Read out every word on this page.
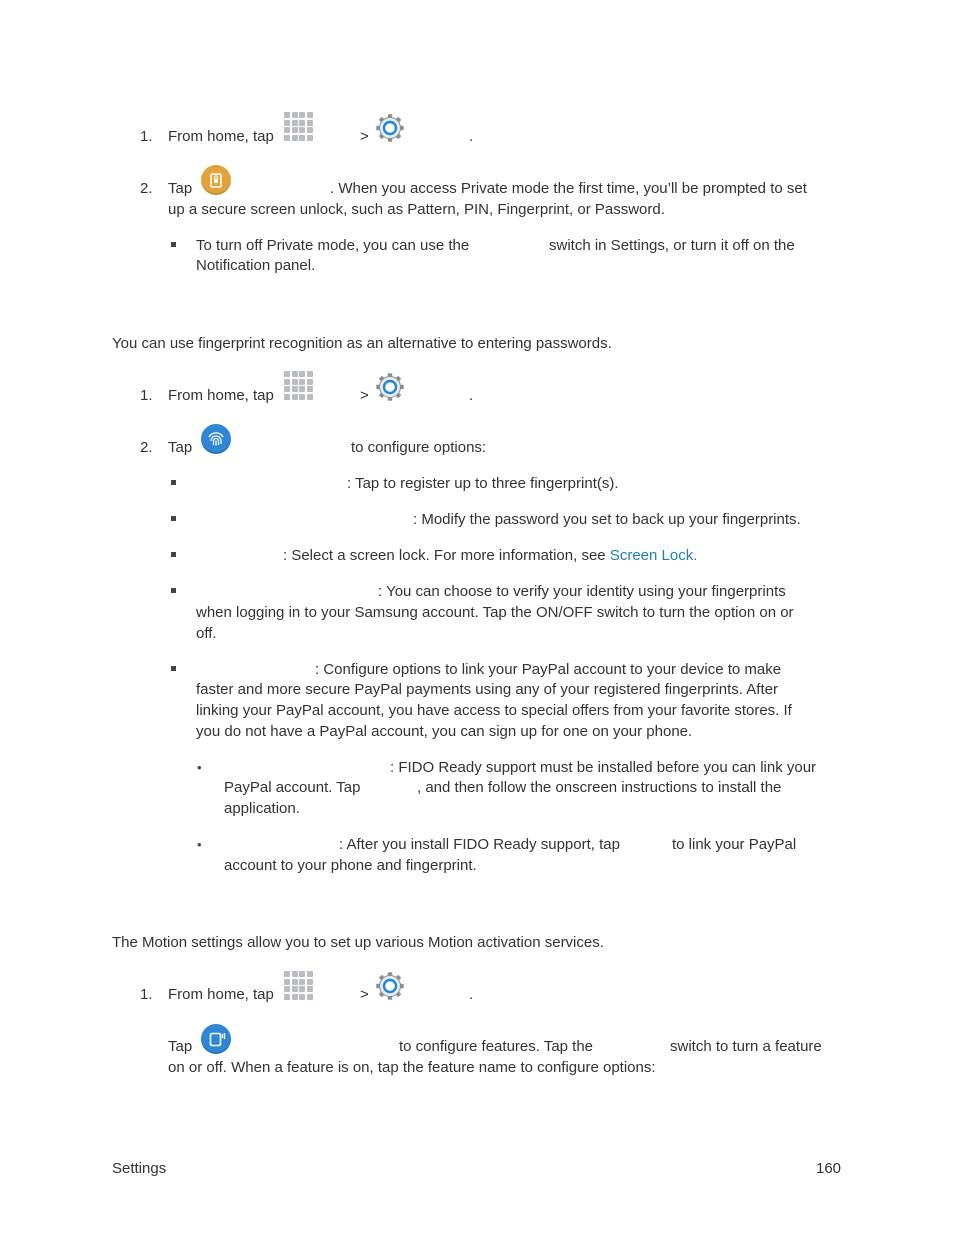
1. From home, tap	>	.
2. Tap	. When you access Private mode the first time, you’ll be prompted to set
up a secure screen unlock, such as Pattern, PIN, Fingerprint, or Password.
To turn off Private mode, you can use the	switch in Settings, or turn it off on the
Notification panel.
You can use fingerprint recognition as an alternative to entering passwords.
1. From home, tap	>	.
2. Tap	to configure options:
: Tap to register up to three fingerprint(s).
: Modify the password you set to back up your fingerprints.
: Select a screen lock. For more information, see Screen Lock.
: You can choose to verify your identity using your fingerprints
when logging in to your Samsung account. Tap the ON/OFF switch to turn the option on or
off.
: Configure options to link your PayPal account to your device to make
faster and more secure PayPal payments using any of your registered fingerprints. After
linking your PayPal account, you have access to special offers from your favorite stores. If
you do not have a PayPal account, you can sign up for one on your phone.
•	: FIDO Ready support must be installed before you can link your
PayPal account. Tap	, and then follow the onscreen instructions to install the
application.
•	: After you install FIDO Ready support, tap	to link your PayPal
account to your phone and fingerprint.
The Motion settings allow you to set up various Motion activation services.
1. From home, tap	>	.
Tap	to configure features. Tap the	switch to turn a feature
on or off. When a feature is on, tap the feature name to configure options:
Settings	160
